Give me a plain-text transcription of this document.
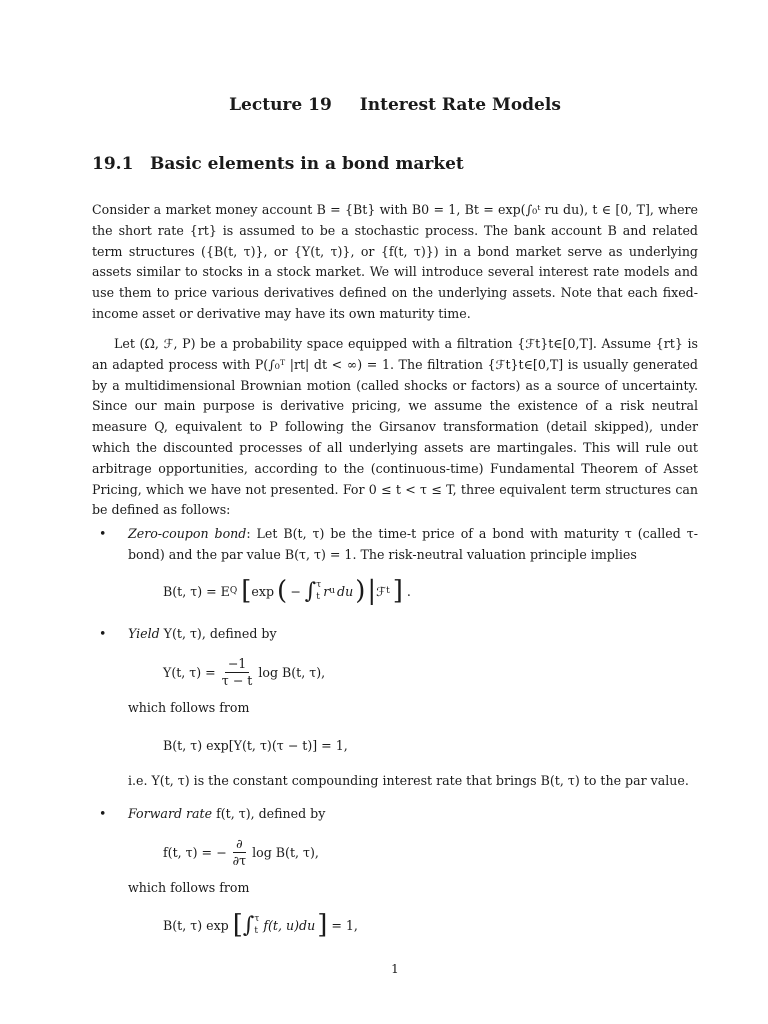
Lecture 19 Interest Rate Models
19.1 Basic elements in a bond market
Consider a market money account B = {Bt} with B0 = 1, Bt = exp(∫₀ᵗ ru du), t ∈ [0, T], where the short rate {rt} is assumed to be a stochastic process. The bank account B and related term structures ({B(t, τ)}, or {Y(t, τ)}, or {f(t, τ)}) in a bond market serve as underlying assets similar to stocks in a stock market. We will introduce several interest rate models and use them to price various derivatives defined on the underlying assets. Note that each fixed-income asset or derivative may have its own maturity time.
Let (Ω, ℱ, P) be a probability space equipped with a filtration {ℱt}t∈[0,T]. Assume {rt} is an adapted process with P(∫₀ᵀ |rt| dt < ∞) = 1. The filtration {ℱt}t∈[0,T] is usually generated by a multidimensional Brownian motion (called shocks or factors) as a source of uncertainty. Since our main purpose is derivative pricing, we assume the existence of a risk neutral measure Q, equivalent to P following the Girsanov transformation (detail skipped), under which the discounted processes of all underlying assets are martingales. This will rule out arbitrage opportunities, according to the (continuous-time) Fundamental Theorem of Asset Pricing, which we have not presented. For 0 ≤ t < τ ≤ T, three equivalent term structures can be defined as follows:
• Zero-coupon bond: Let B(t, τ) be the time-t price of a bond with maturity τ (called τ-bond) and the par value B(τ, τ) = 1. The risk-neutral valuation principle implies
B(t, τ) = E Q [ exp ( − ∫ τ
t r u du ) | ℱ t ] .
• Yield Y(t, τ), defined by
Y(t, $\tau) = \frac{-1}{\tau - t}$ log B(t, τ),
which follows from
B(t, τ) exp[Y(t, τ)(τ − t)] = 1,
i.e. Y(t, τ) is the constant compounding interest rate that brings B(t, τ) to the par value.
• Forward rate f(t, τ), defined by
f(t, τ) = − $\frac{\partial}{\partial\tau}$ log B(t, τ),
which follows from
B(t, τ) exp [ ∫ τ
t f(t, u)du ] = 1,
1
